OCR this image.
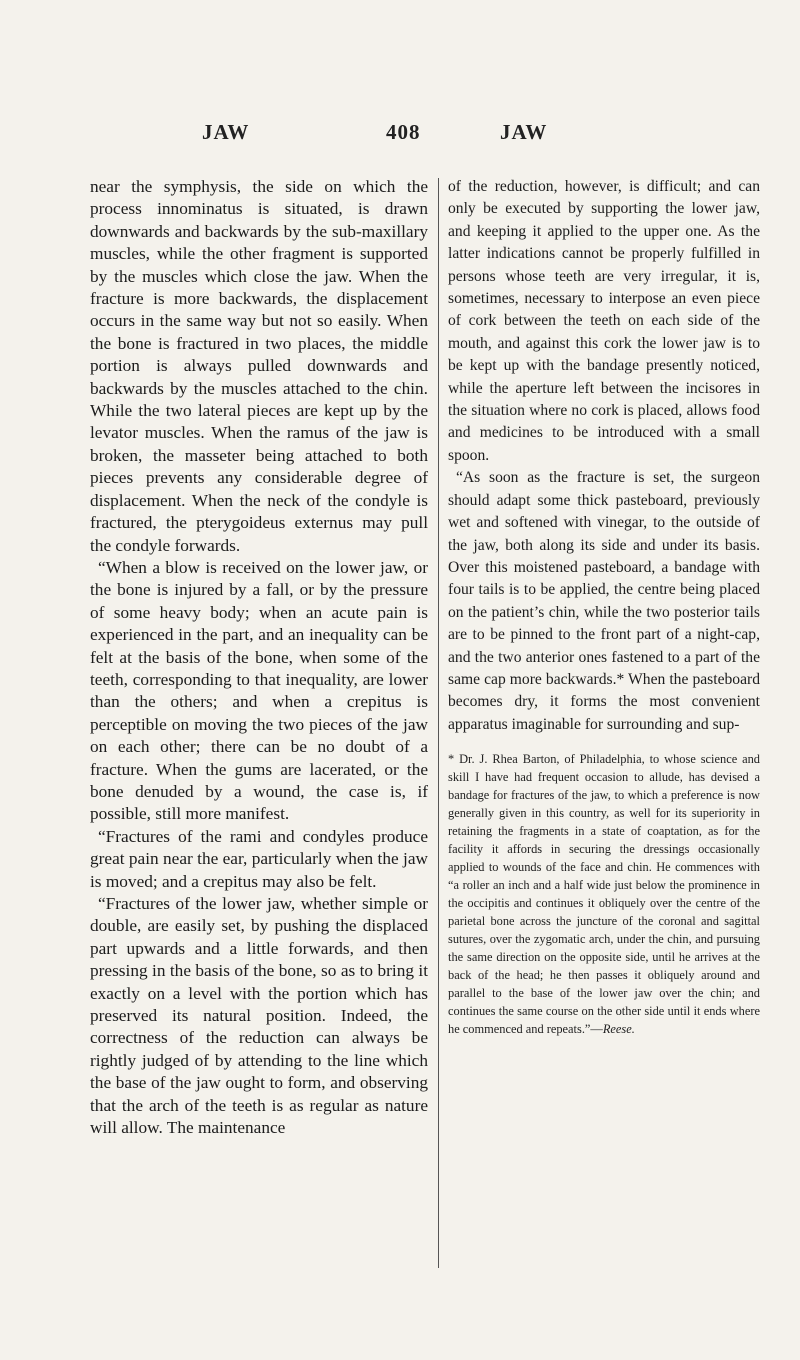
JAW	408	JAW

near the symphysis, the side on which the process innominatus is situated, is drawn downwards and backwards by the sub-maxillary muscles, while the other fragment is supported by the muscles which close the jaw. When the fracture is more backwards, the displacement occurs in the same way but not so easily. When the bone is fractured in two places, the middle portion is always pulled downwards and backwards by the muscles attached to the chin. While the two lateral pieces are kept up by the levator muscles. When the ramus of the jaw is broken, the masseter being attached to both pieces prevents any considerable degree of displacement. When the neck of the condyle is fractured, the pterygoideus externus may pull the condyle forwards.

“When a blow is received on the lower jaw, or the bone is injured by a fall, or by the pressure of some heavy body; when an acute pain is experienced in the part, and an inequality can be felt at the basis of the bone, when some of the teeth, corresponding to that inequality, are lower than the others; and when a crepitus is perceptible on moving the two pieces of the jaw on each other; there can be no doubt of a fracture. When the gums are lacerated, or the bone denuded by a wound, the case is, if possible, still more manifest.

“Fractures of the rami and condyles produce great pain near the ear, particularly when the jaw is moved; and a crepitus may also be felt.

“Fractures of the lower jaw, whether simple or double, are easily set, by pushing the displaced part upwards and a little forwards, and then pressing in the basis of the bone, so as to bring it exactly on a level with the portion which has preserved its natural position. Indeed, the correctness of the reduction can always be rightly judged of by attending to the line which the base of the jaw ought to form, and observing that the arch of the teeth is as regular as nature will allow. The maintenance

of the reduction, however, is difficult; and can only be executed by supporting the lower jaw, and keeping it applied to the upper one. As the latter indications cannot be properly fulfilled in persons whose teeth are very irregular, it is, sometimes, necessary to interpose an even piece of cork between the teeth on each side of the mouth, and against this cork the lower jaw is to be kept up with the bandage presently noticed, while the aperture left between the incisores in the situation where no cork is placed, allows food and medicines to be introduced with a small spoon.

“As soon as the fracture is set, the surgeon should adapt some thick pasteboard, previously wet and softened with vinegar, to the outside of the jaw, both along its side and under its basis. Over this moistened pasteboard, a bandage with four tails is to be applied, the centre being placed on the patient’s chin, while the two posterior tails are to be pinned to the front part of a night-cap, and the two anterior ones fastened to a part of the same cap more backwards.* When the pasteboard becomes dry, it forms the most convenient apparatus imaginable for surrounding and sup-

* Dr. J. Rhea Barton, of Philadelphia, to whose science and skill I have had frequent occasion to allude, has devised a bandage for fractures of the jaw, to which a preference is now generally given in this country, as well for its superiority in retaining the fragments in a state of coaptation, as for the facility it affords in securing the dressings occasionally applied to wounds of the face and chin. He commences with “a roller an inch and a half wide just below the prominence in the occipitis and continues it obliquely over the centre of the parietal bone across the juncture of the coronal and sagittal sutures, over the zygomatic arch, under the chin, and pursuing the same direction on the opposite side, until he arrives at the back of the head; he then passes it obliquely around and parallel to the base of the lower jaw over the chin; and continues the same course on the other side until it ends where he commenced and repeats.”—Reese.
